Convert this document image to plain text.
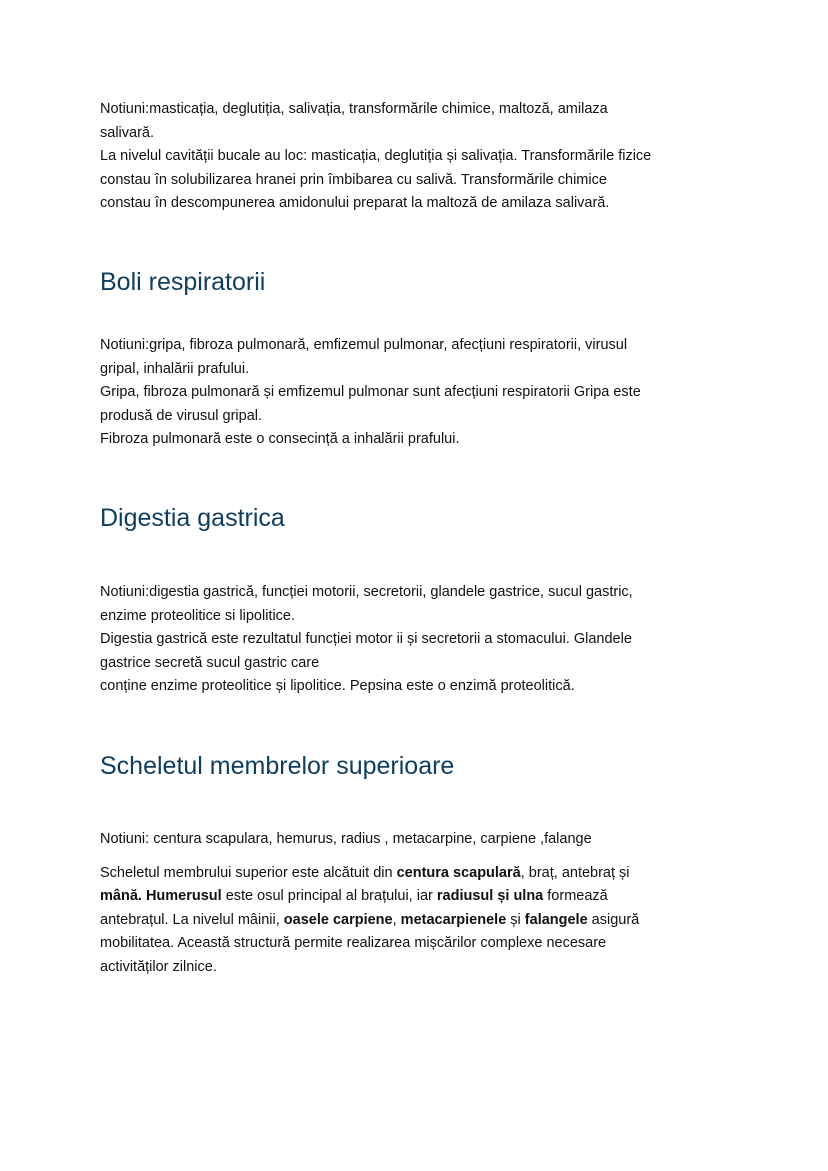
Notiuni:masticația, deglutiția, salivația, transformările chimice, maltoză, amilaza
salivară.

La nivelul cavității bucale au loc: masticația, deglutiția și salivația. Transformările fizice
constau în solubilizarea hranei prin îmbibarea cu salivă. Transformările chimice
constau în descompunerea amidonului preparat la maltoză de amilaza salivară.

Boli respiratorii

Notiuni:gripa, fibroza pulmonară, emfizemul pulmonar, afecțiuni respiratorii, virusul
gripal, inhalării prafului.

Gripa, fibroza pulmonară și emfizemul pulmonar sunt afecțiuni respiratorii Gripa este
produsă de virusul gripal.
Fibroza pulmonară este o consecință a inhalării prafului.

Digestia gastrica

Notiuni:digestia gastrică, funcției motorii, secretorii, glandele gastrice, sucul gastric,
enzime proteolitice si lipolitice.

Digestia gastrică este rezultatul funcției motor ii și secretorii a stomacului. Glandele
gastrice secretă sucul gastric care
conține enzime proteolitice și lipolitice. Pepsina este o enzimă proteolitică.

Scheletul membrelor superioare

Notiuni: centura scapulara, hemurus, radius , metacarpine, carpiene ,falange

Scheletul membrului superior este alcătuit din centura scapulară, braț, antebraț și
mână. Humerusul este osul principal al brațului, iar radiusul și ulna formează
antebrațul. La nivelul mâinii, oasele carpiene, metacarpienele și falangele asigură
mobilitatea. Această structură permite realizarea mișcărilor complexe necesare
activităților zilnice.
